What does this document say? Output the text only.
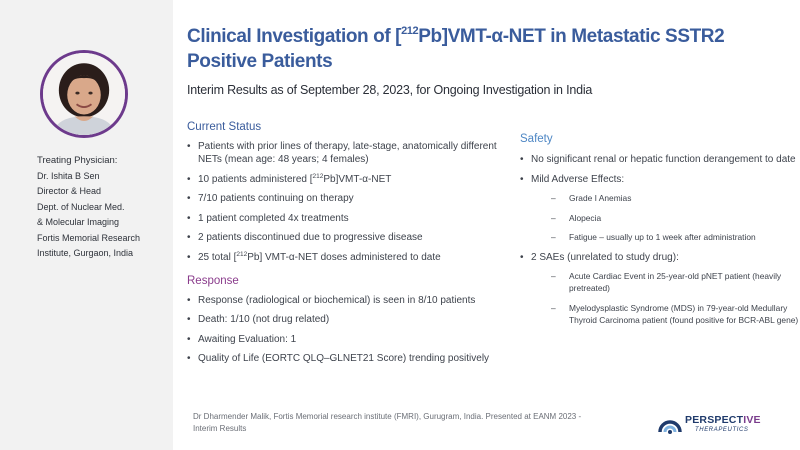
Treating Physician:
Dr. Ishita B Sen
Director & Head
Dept. of Nuclear Med.
& Molecular Imaging
Fortis Memorial Research
Institute, Gurgaon, India
Clinical Investigation of [$^{212}$Pb]VMT-α-NET in Metastatic SSTR2 Positive Patients
Interim Results as of September 28, 2023, for Ongoing Investigation in India
Current Status
• Patients with prior lines of therapy, late-stage, anatomically different NETs (mean age: 48 years; 4 females)
• 10 patients administered [$^{212}$Pb]VMT-α-NET
• 7/10 patients continuing on therapy
• 1 patient completed 4x treatments
• 2 patients discontinued due to progressive disease
• 25 total [$^{212}$Pb] VMT-α-NET doses administered to date
Response
• Response (radiological or biochemical) is seen in 8/10 patients
• Death: 1/10 (not drug related)
• Awaiting Evaluation: 1
• Quality of Life (EORTC QLQ–GLNET21 Score) trending positively
Safety
• No significant renal or hepatic function derangement to date
• Mild Adverse Effects:
– Grade I Anemias
– Alopecia
– Fatigue – usually up to 1 week after administration
• 2 SAEs (unrelated to study drug):
– Acute Cardiac Event in 25-year-old pNET patient (heavily pretreated)
– Myelodysplastic Syndrome (MDS) in 79-year-old Medullary Thyroid Carcinoma patient (found positive for BCR-ABL gene)
Dr Dharmender Malik, Fortis Memorial research institute (FMRI), Gurugram, India. Presented at EANM 2023 - Interim Results
PERSPECTIVE
THERAPEUTICS
